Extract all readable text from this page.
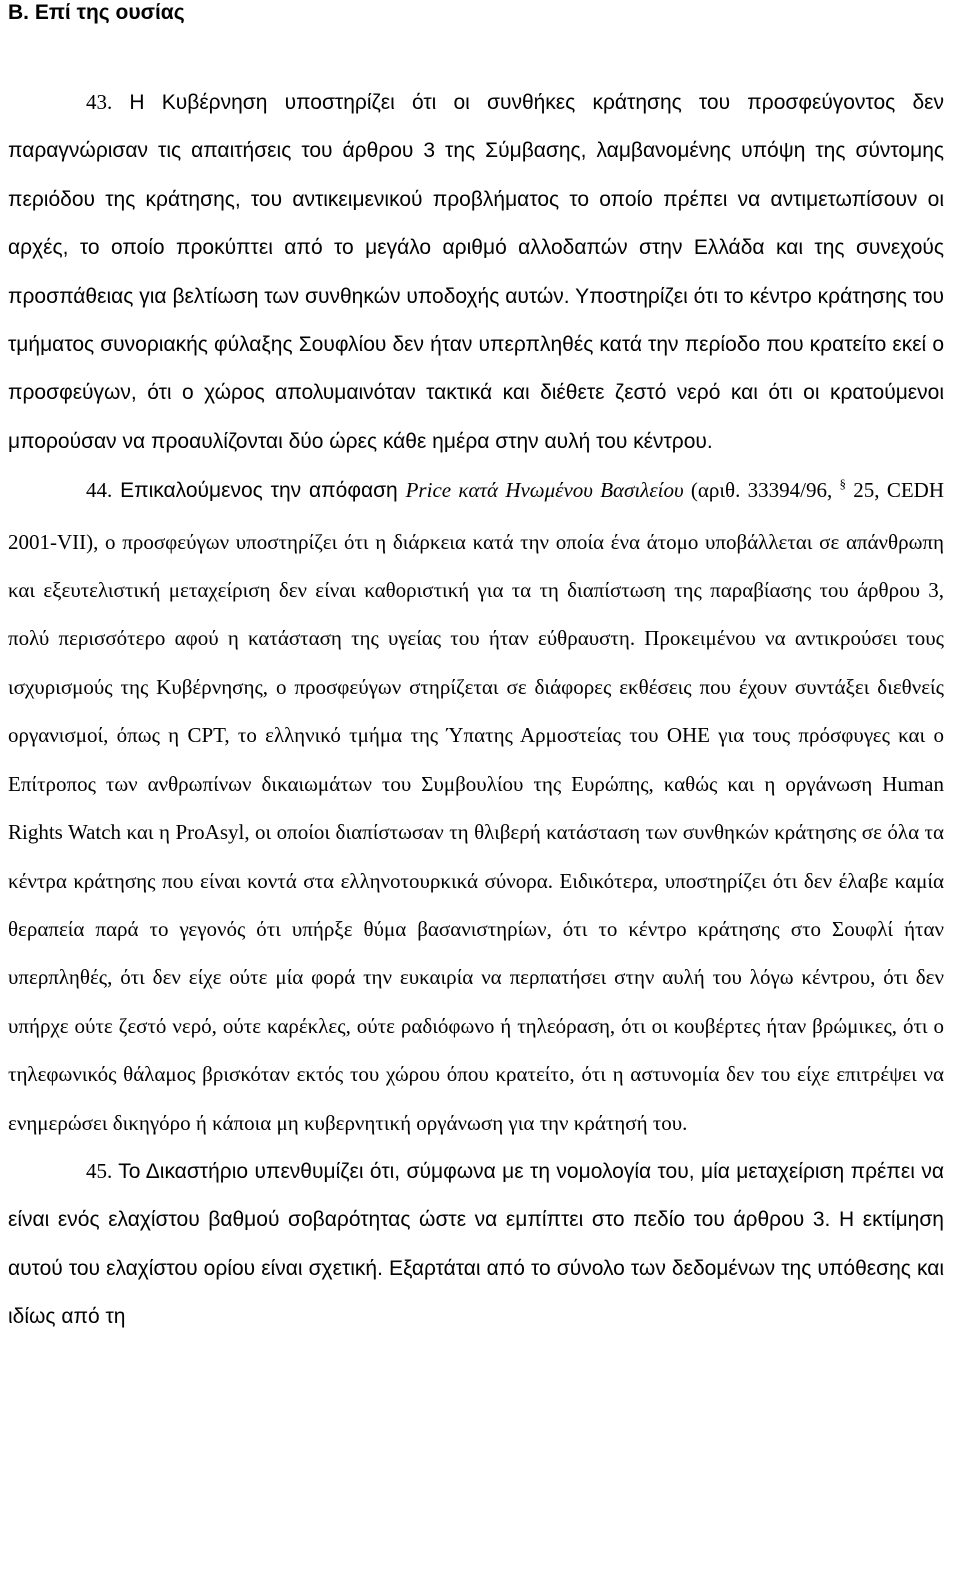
B. Επί της ουσίας

43. Η Κυβέρνηση υποστηρίζει ότι οι συνθήκες κράτησης του προσφεύγοντος δεν παραγνώρισαν τις απαιτήσεις του άρθρου 3 της Σύμβασης, λαμβανομένης υπόψη της σύντομης περιόδου της κράτησης, του αντικειμενικού προβλήματος το οποίο πρέπει να αντιμετωπίσουν οι αρχές, το οποίο προκύπτει από το μεγάλο αριθμό αλλοδαπών στην Ελλάδα και της συνεχούς προσπάθειας για βελτίωση των συνθηκών υποδοχής αυτών. Υποστηρίζει ότι το κέντρο κράτησης του τμήματος συνοριακής φύλαξης Σουφλίου δεν ήταν υπερπληθές κατά την περίοδο που κρατείτο εκεί ο προσφεύγων, ότι ο χώρος απολυμαινόταν τακτικά και διέθετε ζεστό νερό και ότι οι κρατούμενοι μπορούσαν να προαυλίζονται δύο ώρες κάθε ημέρα στην αυλή του κέντρου.

44. Επικαλούμενος την απόφαση Price κατά Ηνωμένου Βασιλείου (αριθ. 33394/96, § 25, CEDH 2001-VII), ο προσφεύγων υποστηρίζει ότι η διάρκεια κατά την οποία ένα άτομο υποβάλλεται σε απάνθρωπη και εξευτελιστική μεταχείριση δεν είναι καθοριστική για τα τη διαπίστωση της παραβίασης του άρθρου 3, πολύ περισσότερο αφού η κατάσταση της υγείας του ήταν εύθραυστη. Προκειμένου να αντικρούσει τους ισχυρισμούς της Κυβέρνησης, ο προσφεύγων στηρίζεται σε διάφορες εκθέσεις που έχουν συντάξει διεθνείς οργανισμοί, όπως η CPT, το ελληνικό τμήμα της Ύπατης Αρμοστείας του ΟΗΕ για τους πρόσφυγες και ο Επίτροπος των ανθρωπίνων δικαιωμάτων του Συμβουλίου της Ευρώπης, καθώς και η οργάνωση Human Rights Watch και η ProAsyl, οι οποίοι διαπίστωσαν τη θλιβερή κατάσταση των συνθηκών κράτησης σε όλα τα κέντρα κράτησης που είναι κοντά στα ελληνοτουρκικά σύνορα. Ειδικότερα, υποστηρίζει ότι δεν έλαβε καμία θεραπεία παρά το γεγονός ότι υπήρξε θύμα βασανιστηρίων, ότι το κέντρο κράτησης στο Σουφλί ήταν υπερπληθές, ότι δεν είχε ούτε μία φορά την ευκαιρία να περπατήσει στην αυλή του λόγω κέντρου, ότι δεν υπήρχε ούτε ζεστό νερό, ούτε καρέκλες, ούτε ραδιόφωνο ή τηλεόραση, ότι οι κουβέρτες ήταν βρώμικες, ότι ο τηλεφωνικός θάλαμος βρισκόταν εκτός του χώρου όπου κρατείτο, ότι η αστυνομία δεν του είχε επιτρέψει να ενημερώσει δικηγόρο ή κάποια μη κυβερνητική οργάνωση για την κράτησή του.

45. Το Δικαστήριο υπενθυμίζει ότι, σύμφωνα με τη νομολογία του, μία μεταχείριση πρέπει να είναι ενός ελαχίστου βαθμού σοβαρότητας ώστε να εμπίπτει στο πεδίο του άρθρου 3. Η εκτίμηση αυτού του ελαχίστου ορίου είναι σχετική. Εξαρτάται από το σύνολο των δεδομένων της υπόθεσης και ιδίως από τη
